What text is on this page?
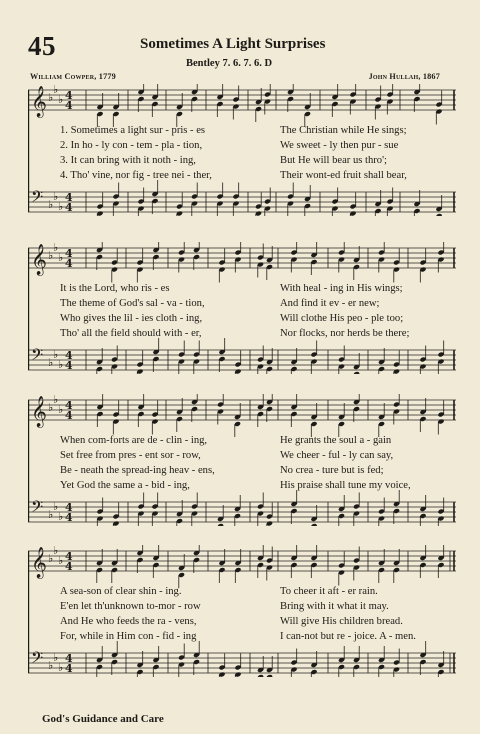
45	Sometimes A Light Surprises
Bentley 7. 6. 7. 6. D
William Cowper, 1779	John Hullah, 1867
𝄞 ♭
♭
♭ 4
4
𝄢 ♭
♭
♭
4
4
1. Sometimes a light sur - pris - es	The Christian while He sings;
2. In ho - ly con - tem - pla - tion,	We sweet - ly then pur - sue
3. It can bring with it noth - ing,	But He will bear us thro';
4. Tho' vine, nor fig - tree nei - ther,	Their wont-ed fruit shall bear,
𝄞 ♭
♭
♭ 4
4
𝄢 ♭
♭
♭
4
4
It is the Lord, who ris - es	With heal - ing in His wings;
The theme of God's sal - va - tion,	And find it ev - er new;
Who gives the lil - ies cloth - ing,	Will clothe His peo - ple too;
Tho' all the field should with - er,	Nor flocks, nor herds be there;
𝄞 ♭
♭
♭ 4
4
𝄢 ♭
♭
♭
4
4
When com-forts are de - clin - ing,	He grants the soul a - gain
Set free from pres - ent sor - row,	We cheer - ful - ly can say,
Be - neath the spread-ing heav - ens,	No crea - ture but is fed;
Yet God the same a - bid - ing,	His praise shall tune my voice,
𝄞 ♭
♭
♭ 4
4
𝄢 ♭
♭
♭
4
4
A sea-son of clear shin - ing.	To cheer it aft - er rain.
E'en let th'unknown to-mor - row	Bring with it what it may.
And He who feeds the ra - vens,	Will give His children bread.
For, while in Him con - fid - ing	I can-not but re - joice. A - men.
God's Guidance and Care
